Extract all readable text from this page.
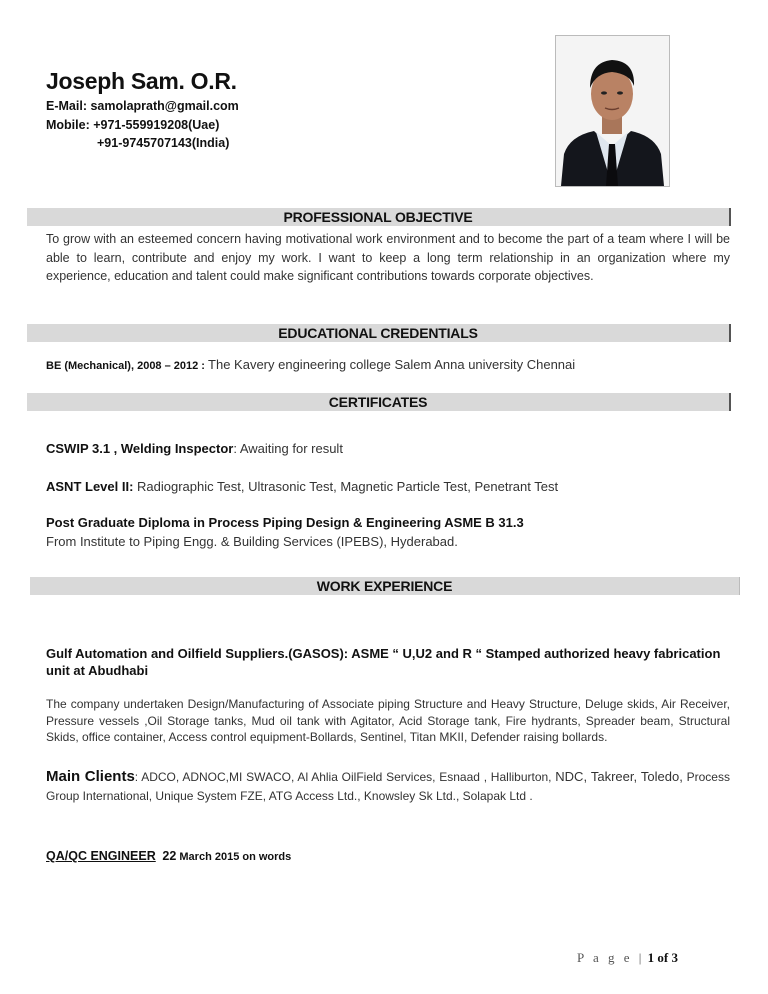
Joseph Sam. O.R.
E-Mail: samolaprath@gmail.com
Mobile: +971-559919208(Uae)
+91-9745707143(India)
PROFESSIONAL OBJECTIVE
To grow with an esteemed concern having motivational work environment and to become the part of a team where I will be able to learn, contribute and enjoy my work. I want to keep a long term relationship in an organization where my experience, education and talent could make significant contributions towards corporate objectives.
EDUCATIONAL CREDENTIALS
BE (Mechanical), 2008 – 2012 : The Kavery engineering college Salem Anna university Chennai
CERTIFICATES
CSWIP 3.1 , Welding Inspector: Awaiting for result
ASNT Level II: Radiographic Test, Ultrasonic Test, Magnetic Particle Test, Penetrant Test
Post Graduate Diploma in Process Piping Design & Engineering ASME B 31.3
From Institute to Piping Engg. & Building Services (IPEBS), Hyderabad.
WORK EXPERIENCE
Gulf Automation and Oilfield Suppliers.(GASOS): ASME “ U,U2 and R “ Stamped authorized heavy fabrication unit at Abudhabi
The company undertaken Design/Manufacturing of Associate piping Structure and Heavy Structure, Deluge skids, Air Receiver, Pressure vessels ,Oil Storage tanks, Mud oil tank with Agitator, Acid Storage tank, Fire hydrants, Spreader beam, Structural Skids, office container, Access control equipment-Bollards, Sentinel, Titan MKII, Defender raising bollards.
Main Clients: ADCO, ADNOC,MI SWACO, Al Ahlia OilField Services, Esnaad , Halliburton, NDC, Takreer, Toledo, Process Group International, Unique System FZE, ATG Access Ltd., Knowsley Sk Ltd., Solapak Ltd .
QA/QC ENGINEER 22 March 2015 on words
P a g e | 1 of 3
